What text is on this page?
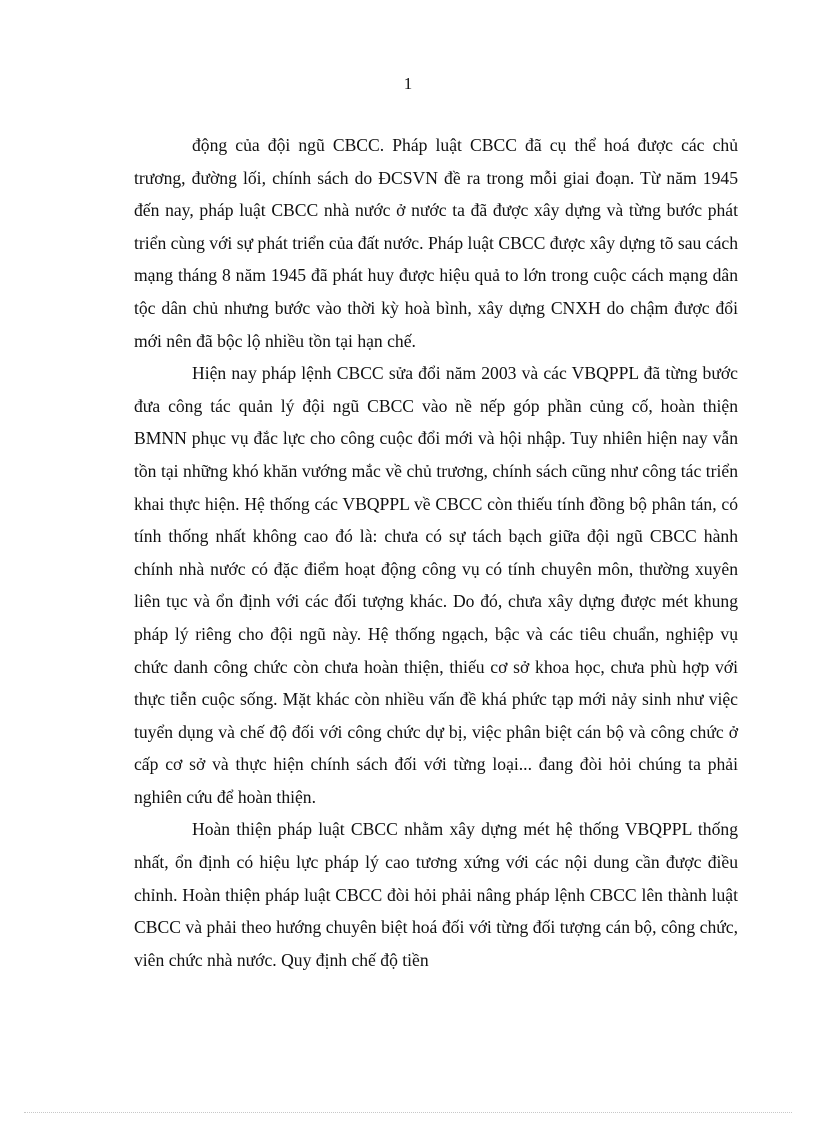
1

động của đội ngũ CBCC. Pháp luật CBCC đã cụ thể hoá được các chủ trương, đường lối, chính sách do ĐCSVN đề ra trong mỗi giai đoạn. Từ năm 1945 đến nay, pháp luật CBCC nhà nước ở nước ta đã được xây dựng và từng bước phát triển cùng với sự phát triển của đất nước. Pháp luật CBCC được xây dựng tõ sau cách mạng tháng 8 năm 1945 đã phát huy được hiệu quả to lớn trong cuộc cách mạng dân tộc dân chủ nhưng bước vào thời kỳ hoà bình, xây dựng CNXH do chậm được đổi mới nên đã bộc lộ nhiều tồn tại hạn chế.

Hiện nay pháp lệnh CBCC sửa đổi năm 2003 và các VBQPPL đã từng bước đưa công tác quản lý đội ngũ CBCC vào nề nếp góp phần củng cố, hoàn thiện BMNN phục vụ đắc lực cho công cuộc đổi mới và hội nhập. Tuy nhiên hiện nay vẫn tồn tại những khó khăn vướng mắc về chủ trương, chính sách cũng như công tác triển khai thực hiện. Hệ thống các VBQPPL về CBCC còn thiếu tính đồng bộ phân tán, có tính thống nhất không cao đó là: chưa có sự tách bạch giữa đội ngũ CBCC hành chính nhà nước có đặc điểm hoạt động công vụ có tính chuyên môn, thường xuyên liên tục và ổn định với các đối tượng khác. Do đó, chưa xây dựng được mét khung pháp lý riêng cho đội ngũ này. Hệ thống ngạch, bậc và các tiêu chuẩn, nghiệp vụ chức danh công chức còn chưa hoàn thiện, thiếu cơ sở khoa học, chưa phù hợp với thực tiễn cuộc sống. Mặt khác còn nhiều vấn đề khá phức tạp mới nảy sinh như việc tuyển dụng và chế độ đối với công chức dự bị, việc phân biệt cán bộ và công chức ở cấp cơ sở và thực hiện chính sách đối với từng loại... đang đòi hỏi chúng ta phải nghiên cứu để hoàn thiện.

Hoàn thiện pháp luật CBCC nhằm xây dựng mét hệ thống VBQPPL thống nhất, ổn định có hiệu lực pháp lý cao tương xứng với các nội dung cần được điều chỉnh. Hoàn thiện pháp luật CBCC đòi hỏi phải nâng pháp lệnh CBCC lên thành luật CBCC và phải theo hướng chuyên biệt hoá đối với từng đối tượng cán bộ, công chức, viên chức nhà nước. Quy định chế độ tiền
